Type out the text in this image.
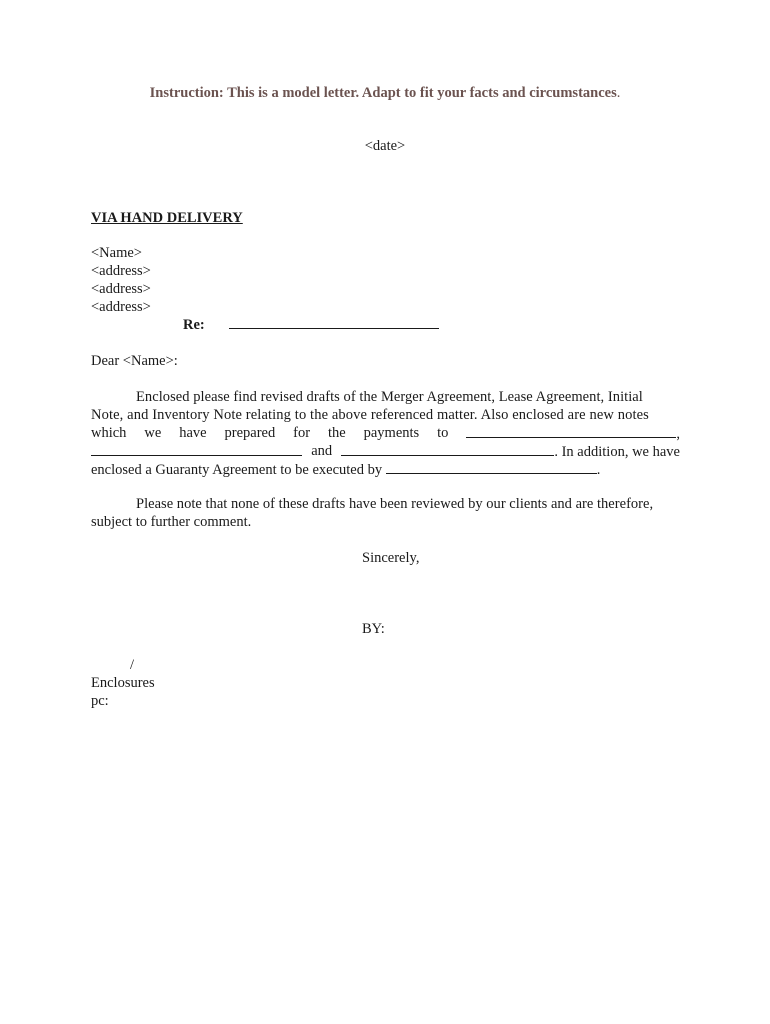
Instruction: This is a model letter. Adapt to fit your facts and circumstances.
<date>
VIA HAND DELIVERY
<Name>
<address>
<address>
<address>
Re:
Dear <Name>:
Enclosed please find revised drafts of the Merger Agreement, Lease Agreement, Initial
Note, and Inventory Note relating to the above referenced matter. Also enclosed are new notes
which we have prepared for the payments to	,
and	. In addition, we have
enclosed a Guaranty Agreement to be executed by	.
Please note that none of these drafts have been reviewed by our clients and are therefore,
subject to further comment.
Sincerely,
BY:
/
Enclosures
pc:
